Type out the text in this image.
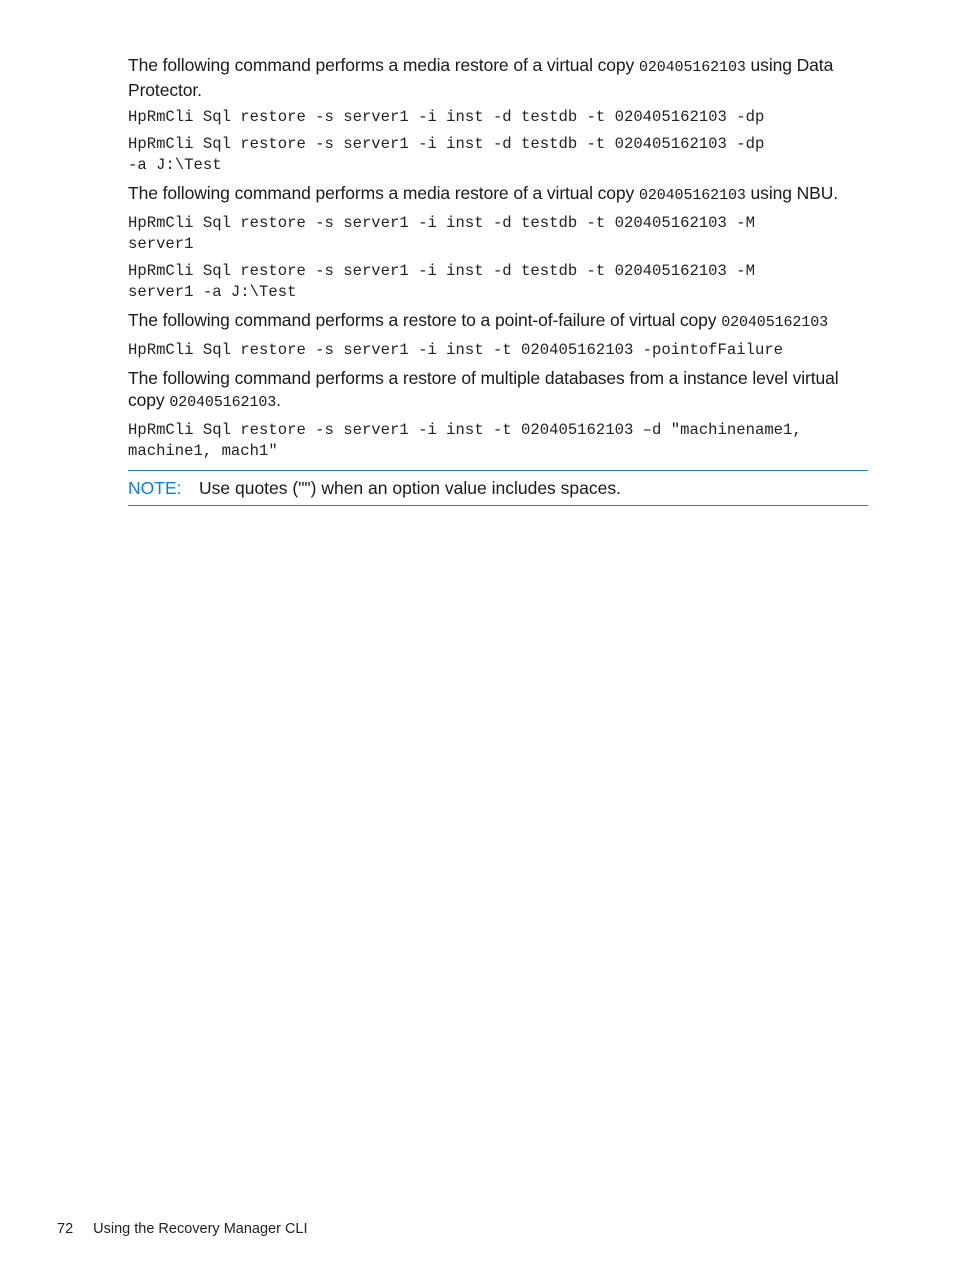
The following command performs a media restore of a virtual copy 020405162103 using Data Protector.

HpRmCli Sql restore -s server1 -i inst -d testdb -t 020405162103 -dp
HpRmCli Sql restore -s server1 -i inst -d testdb -t 020405162103 -dp
-a J:\Test

The following command performs a media restore of a virtual copy 020405162103 using NBU.

HpRmCli Sql restore -s server1 -i inst -d testdb -t 020405162103 -M
server1
HpRmCli Sql restore -s server1 -i inst -d testdb -t 020405162103 -M
server1 -a J:\Test

The following command performs a restore to a point-of-failure of virtual copy 020405162103

HpRmCli Sql restore -s server1 -i inst -t 020405162103 -pointofFailure

The following command performs a restore of multiple databases from a instance level virtual copy 020405162103.

HpRmCli Sql restore -s server1 -i inst -t 020405162103 –d "machinename1,
machine1, mach1"
NOTE:	Use quotes ("") when an option value includes spaces.
72 Using the Recovery Manager CLI
